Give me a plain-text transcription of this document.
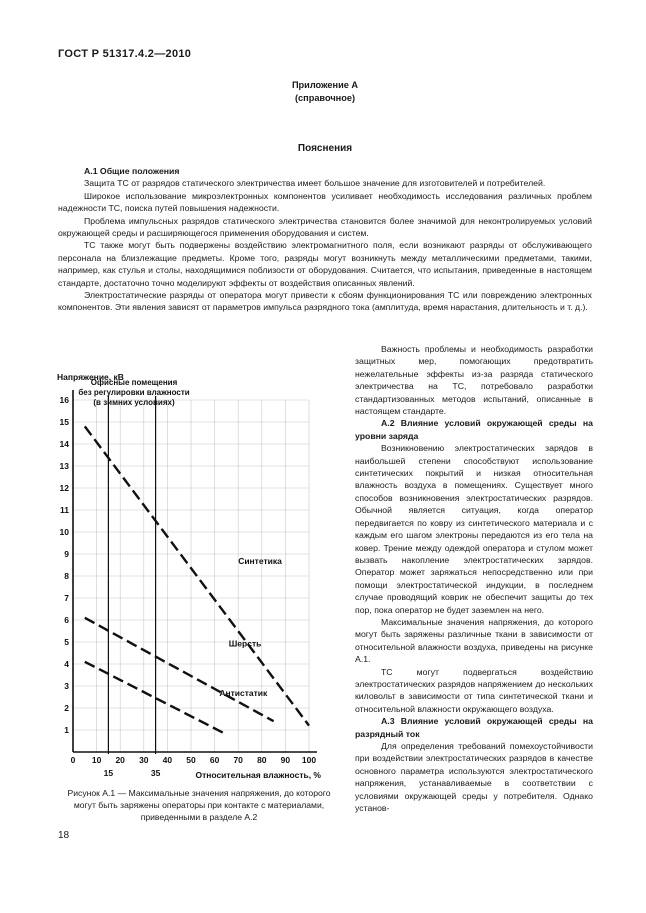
ГОСТ Р 51317.4.2—2010
Приложение А
(справочное)
Пояснения

А.1 Общие положения

Защита ТС от разрядов статического электричества имеет большое значение для изготовителей и потребителей.

Широкое использование микроэлектронных компонентов усиливает необходимость исследования различных проблем надежности ТС, поиска путей повышения надежности.

Проблема импульсных разрядов статического электричества становится более значимой для неконтролируемых условий окружающей среды и расширяющегося применения оборудования и систем.

ТС также могут быть подвержены воздействию электромагнитного поля, если возникают разряды от обслуживающего персонала на близлежащие предметы. Кроме того, разряды могут возникнуть между металлическими предметами, такими, например, как стулья и столы, находящимися поблизости от оборудования. Считается, что испытания, приведенные в настоящем стандарте, достаточно точно моделируют эффекты от воздействия описанных явлений.

Электростатические разряды от оператора могут привести к сбоям функционирования ТС или повреждению электронных компонентов. Эти явления зависят от параметров импульса разрядного тока (амплитуда, время нарастания, длительность и т. д.).

1
2
3
4
5
6
7
8
9
10
11
12
13
14
15
16
0 10 20 30 40 50 60 70 80 90 100
Напряжение, кВ
Относительная влажность, %
15	35
Офисные помещения без регулировки влажности (в зимних условиях)
Синтетика
Шерсть
Антистатик
Рисунок А.1 — Максимальные значения напряжения, до которого могут быть заряжены операторы при контакте с материалами, приведенными в разделе А.2

Важность проблемы и необходимость разработки защитных мер, помогающих предотвратить нежелательные эффекты из-за разряда статического электричества на ТС, потребовало разработки стандартизованных методов испытаний, описанные в настоящем стандарте.

А.2 Влияние условий окружающей среды на уровни заряда

Возникновению электростатических зарядов в наибольшей степени способствуют использование синтетических покрытий и низкая относительная влажность воздуха в помещениях. Существует много способов возникновения электростатических разрядов. Обычной является ситуация, когда оператор передвигается по ковру из синтетического материала и с каждым его шагом электроны передаются из его тела на ковер. Трение между одеждой оператора и стулом может вызвать накопление электростатических зарядов. Оператор может заряжаться непосредственно или при помощи электростатической индукции, в последнем случае проводящий коврик не обеспечит защиты до тех пор, пока оператор не будет заземлен на него.

Максимальные значения напряжения, до которого могут быть заряжены различные ткани в зависимости от относительной влажности воздуха, приведены на рисунке А.1.

ТС могут подвергаться воздействию электростатических разрядов напряжением до нескольких киловольт в зависимости от типа синтетической ткани и относительной влажности окружающего воздуха.

А.3 Влияние условий окружающей среды на разрядный ток

Для определения требований помехоустойчивости при воздействии электростатических разрядов в качестве основного параметра используются электростатического напряжения, устанавливаемые в соответствии с условиями окружающей среды у потребителя. Однако установ-

18
